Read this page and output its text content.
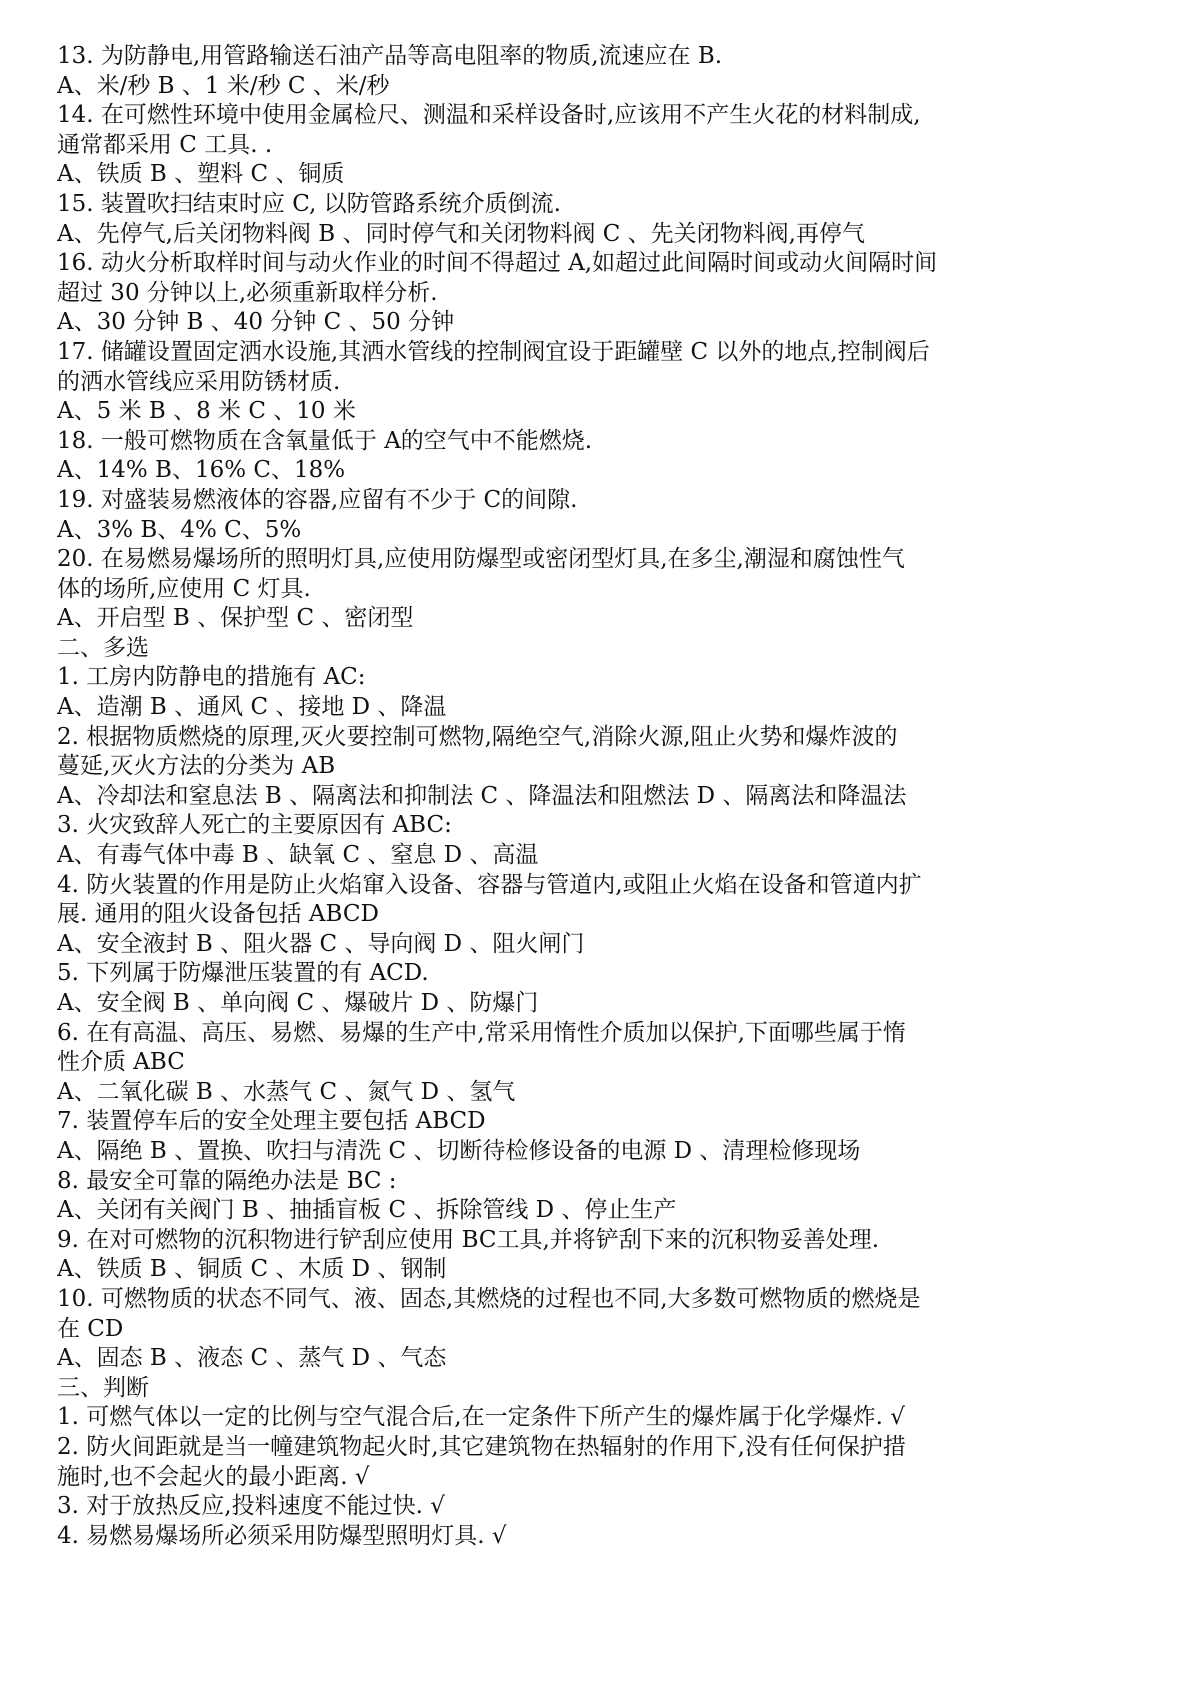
13. 为防静电,用管路输送石油产品等高电阻率的物质,流速应在 B.
A、米/秒 B 、1 米/秒 C 、米/秒
14. 在可燃性环境中使用金属检尺、测温和采样设备时,应该用不产生火花的材料制成,
通常都采用 C 工具. .
A、铁质 B 、塑料 C 、铜质
15. 装置吹扫结束时应 C, 以防管路系统介质倒流.
A、先停气,后关闭物料阀 B 、同时停气和关闭物料阀 C 、先关闭物料阀,再停气
16. 动火分析取样时间与动火作业的时间不得超过 A,如超过此间隔时间或动火间隔时间
超过 30 分钟以上,必须重新取样分析.
A、30 分钟 B 、40 分钟 C 、50 分钟
17. 储罐设置固定洒水设施,其洒水管线的控制阀宜设于距罐壁 C 以外的地点,控制阀后
的洒水管线应采用防锈材质.
A、5 米 B 、8 米 C 、10 米
18. 一般可燃物质在含氧量低于 A的空气中不能燃烧.
A、14% B、16% C、18%
19. 对盛装易燃液体的容器,应留有不少于 C的间隙.
A、3% B、4% C、5%
20. 在易燃易爆场所的照明灯具,应使用防爆型或密闭型灯具,在多尘,潮湿和腐蚀性气
体的场所,应使用 C 灯具.
A、开启型 B 、保护型 C 、密闭型
二、多选
1. 工房内防静电的措施有 AC:
A、造潮 B 、通风 C 、接地 D 、降温
2. 根据物质燃烧的原理,灭火要控制可燃物,隔绝空气,消除火源,阻止火势和爆炸波的
蔓延,灭火方法的分类为 AB
A、冷却法和窒息法 B 、隔离法和抑制法 C 、降温法和阻燃法 D 、隔离法和降温法
3. 火灾致辞人死亡的主要原因有 ABC:
A、有毒气体中毒 B 、缺氧 C 、窒息 D 、高温
4. 防火装置的作用是防止火焰窜入设备、容器与管道内,或阻止火焰在设备和管道内扩
展. 通用的阻火设备包括 ABCD
A、安全液封 B 、阻火器 C 、导向阀 D 、阻火闸门
5. 下列属于防爆泄压装置的有 ACD.
A、安全阀 B 、单向阀 C 、爆破片 D 、防爆门
6. 在有高温、高压、易燃、易爆的生产中,常采用惰性介质加以保护,下面哪些属于惰
性介质 ABC
A、二氧化碳 B 、水蒸气 C 、氮气 D 、氢气
7. 装置停车后的安全处理主要包括 ABCD
A、隔绝 B 、置换、吹扫与清洗 C 、切断待检修设备的电源 D 、清理检修现场
8. 最安全可靠的隔绝办法是 BC :
A、关闭有关阀门 B 、抽插盲板 C 、拆除管线 D 、停止生产
9. 在对可燃物的沉积物进行铲刮应使用 BC工具,并将铲刮下来的沉积物妥善处理.
A、铁质 B 、铜质 C 、木质 D 、钢制
10. 可燃物质的状态不同气、液、固态,其燃烧的过程也不同,大多数可燃物质的燃烧是
在 CD
A、固态 B 、液态 C 、蒸气 D 、气态
三、判断
1. 可燃气体以一定的比例与空气混合后,在一定条件下所产生的爆炸属于化学爆炸. √
2. 防火间距就是当一幢建筑物起火时,其它建筑物在热辐射的作用下,没有任何保护措
施时,也不会起火的最小距离. √
3. 对于放热反应,投料速度不能过快. √
4. 易燃易爆场所必须采用防爆型照明灯具. √
